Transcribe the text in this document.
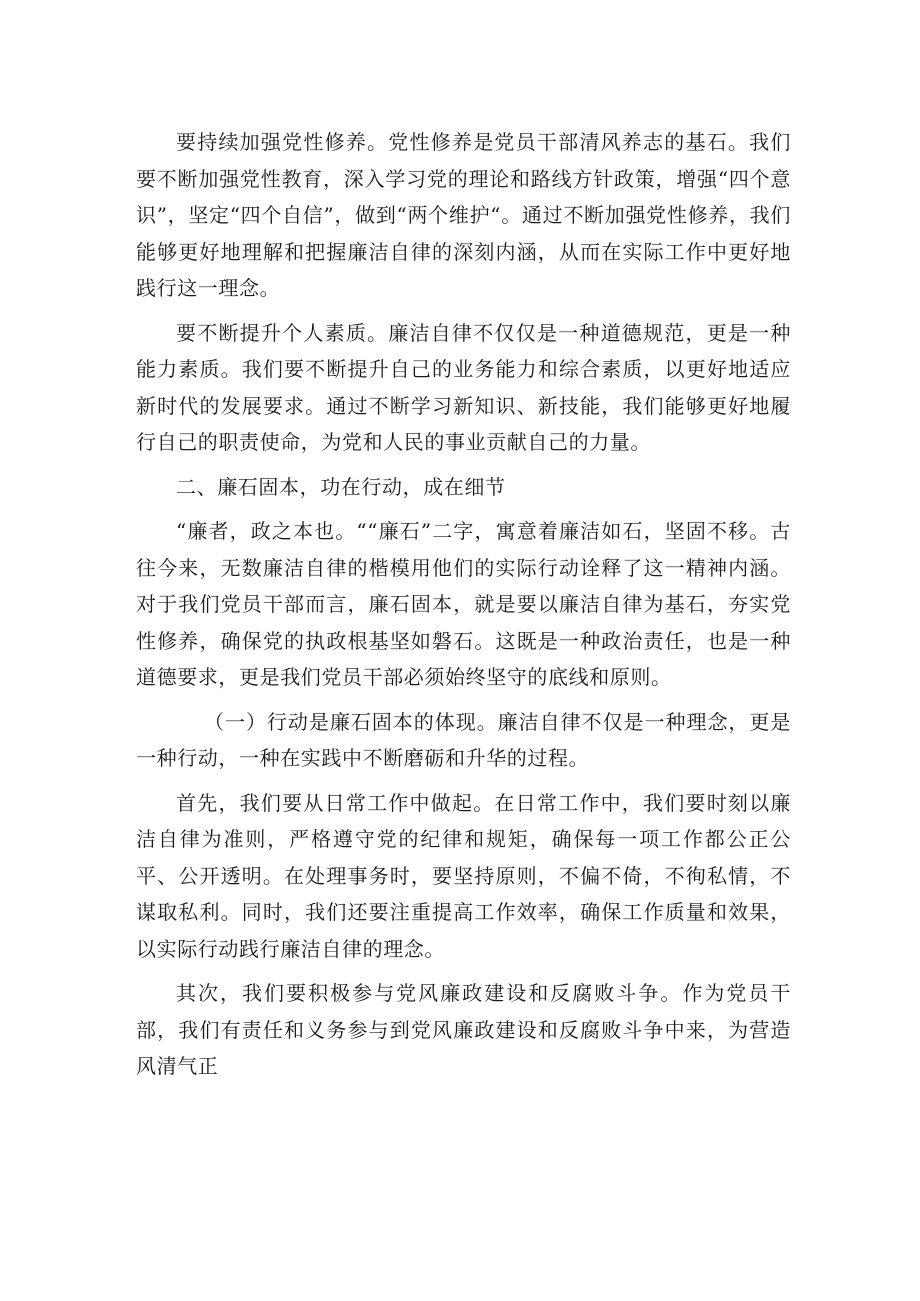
要持续加强党性修养。党性修养是党员干部清风养志的基石。我们要不断加强党性教育，深入学习党的理论和路线方针政策，增强“四个意识”，坚定“四个自信”，做到“两个维护“。通过不断加强党性修养，我们能够更好地理解和把握廉洁自律的深刻内涵，从而在实际工作中更好地践行这一理念。

要不断提升个人素质。廉洁自律不仅仅是一种道德规范，更是一种能力素质。我们要不断提升自己的业务能力和综合素质，以更好地适应新时代的发展要求。通过不断学习新知识、新技能，我们能够更好地履行自己的职责使命，为党和人民的事业贡献自己的力量。

二、廉石固本，功在行动，成在细节

“廉者，政之本也。““廉石”二字，寓意着廉洁如石，坚固不移。古往今来，无数廉洁自律的楷模用他们的实际行动诠释了这一精神内涵。对于我们党员干部而言，廉石固本，就是要以廉洁自律为基石，夯实党性修养，确保党的执政根基坚如磐石。这既是一种政治责任，也是一种道德要求，更是我们党员干部必须始终坚守的底线和原则。

（一）行动是廉石固本的体现。廉洁自律不仅是一种理念，更是一种行动，一种在实践中不断磨砺和升华的过程。

首先，我们要从日常工作中做起。在日常工作中，我们要时刻以廉洁自律为准则，严格遵守党的纪律和规矩，确保每一项工作都公正公平、公开透明。在处理事务时，要坚持原则，不偏不倚，不徇私情，不谋取私利。同时，我们还要注重提高工作效率，确保工作质量和效果，以实际行动践行廉洁自律的理念。

其次，我们要积极参与党风廉政建设和反腐败斗争。作为党员干部，我们有责任和义务参与到党风廉政建设和反腐败斗争中来，为营造风清气正
